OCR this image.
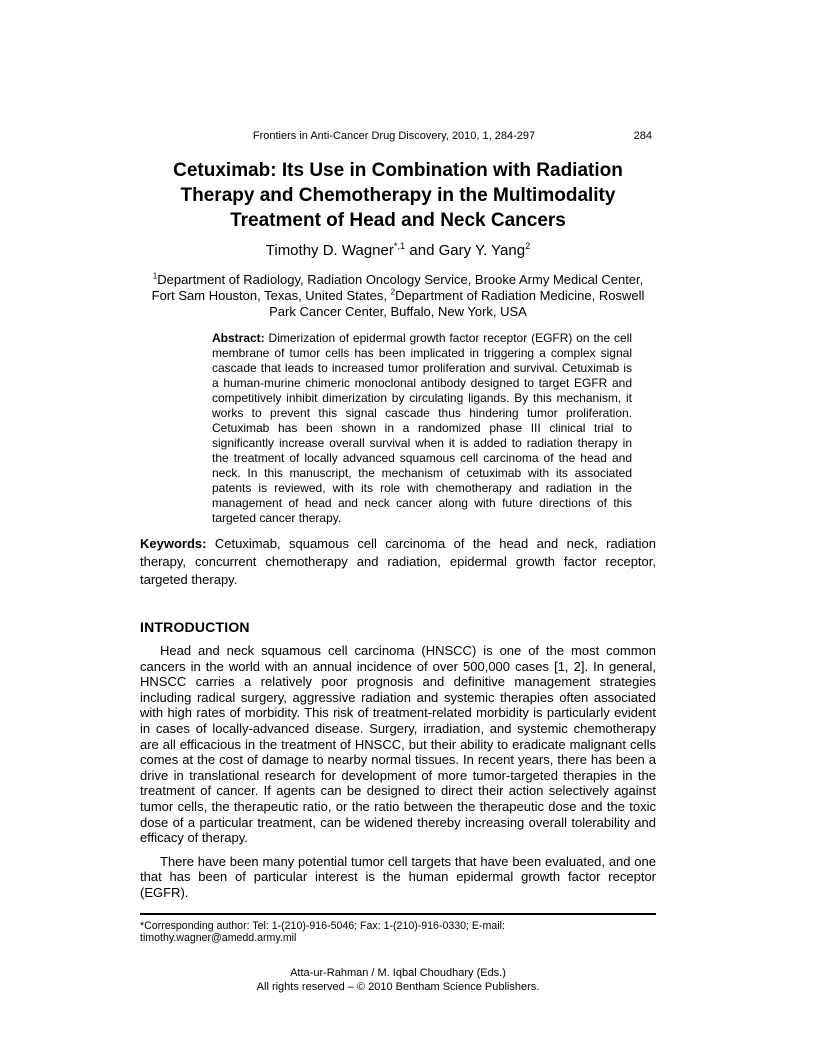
Frontiers in Anti-Cancer Drug Discovery, 2010, 1, 284-297	284
Cetuximab: Its Use in Combination with Radiation
Therapy and Chemotherapy in the Multimodality
Treatment of Head and Neck Cancers
Timothy D. Wagner$^{*,1}$ and Gary Y. Yang$^2$
$^1$Department of Radiology, Radiation Oncology Service, Brooke Army Medical Center, Fort Sam Houston, Texas, United States, $^2$Department of Radiation Medicine, Roswell Park Cancer Center, Buffalo, New York, USA
Abstract: Dimerization of epidermal growth factor receptor (EGFR) on the cell membrane of tumor cells has been implicated in triggering a complex signal cascade that leads to increased tumor proliferation and survival. Cetuximab is a human-murine chimeric monoclonal antibody designed to target EGFR and competitively inhibit dimerization by circulating ligands. By this mechanism, it works to prevent this signal cascade thus hindering tumor proliferation. Cetuximab has been shown in a randomized phase III clinical trial to significantly increase overall survival when it is added to radiation therapy in the treatment of locally advanced squamous cell carcinoma of the head and neck. In this manuscript, the mechanism of cetuximab with its associated patents is reviewed, with its role with chemotherapy and radiation in the management of head and neck cancer along with future directions of this targeted cancer therapy.
Keywords: Cetuximab, squamous cell carcinoma of the head and neck, radiation therapy, concurrent chemotherapy and radiation, epidermal growth factor receptor, targeted therapy.
INTRODUCTION

Head and neck squamous cell carcinoma (HNSCC) is one of the most common cancers in the world with an annual incidence of over 500,000 cases [1, 2]. In general, HNSCC carries a relatively poor prognosis and definitive management strategies including radical surgery, aggressive radiation and systemic therapies often associated with high rates of morbidity. This risk of treatment-related morbidity is particularly evident in cases of locally-advanced disease. Surgery, irradiation, and systemic chemotherapy are all efficacious in the treatment of HNSCC, but their ability to eradicate malignant cells comes at the cost of damage to nearby normal tissues. In recent years, there has been a drive in translational research for development of more tumor-targeted therapies in the treatment of cancer. If agents can be designed to direct their action selectively against tumor cells, the therapeutic ratio, or the ratio between the therapeutic dose and the toxic dose of a particular treatment, can be widened thereby increasing overall tolerability and efficacy of therapy.

There have been many potential tumor cell targets that have been evaluated, and one that has been of particular interest is the human epidermal growth factor receptor (EGFR).

*Corresponding author: Tel: 1-(210)-916-5046; Fax: 1-(210)-916-0330; E-mail: timothy.wagner@amedd.army.mil
Atta-ur-Rahman / M. Iqbal Choudhary (Eds.)
All rights reserved – © 2010 Bentham Science Publishers.
